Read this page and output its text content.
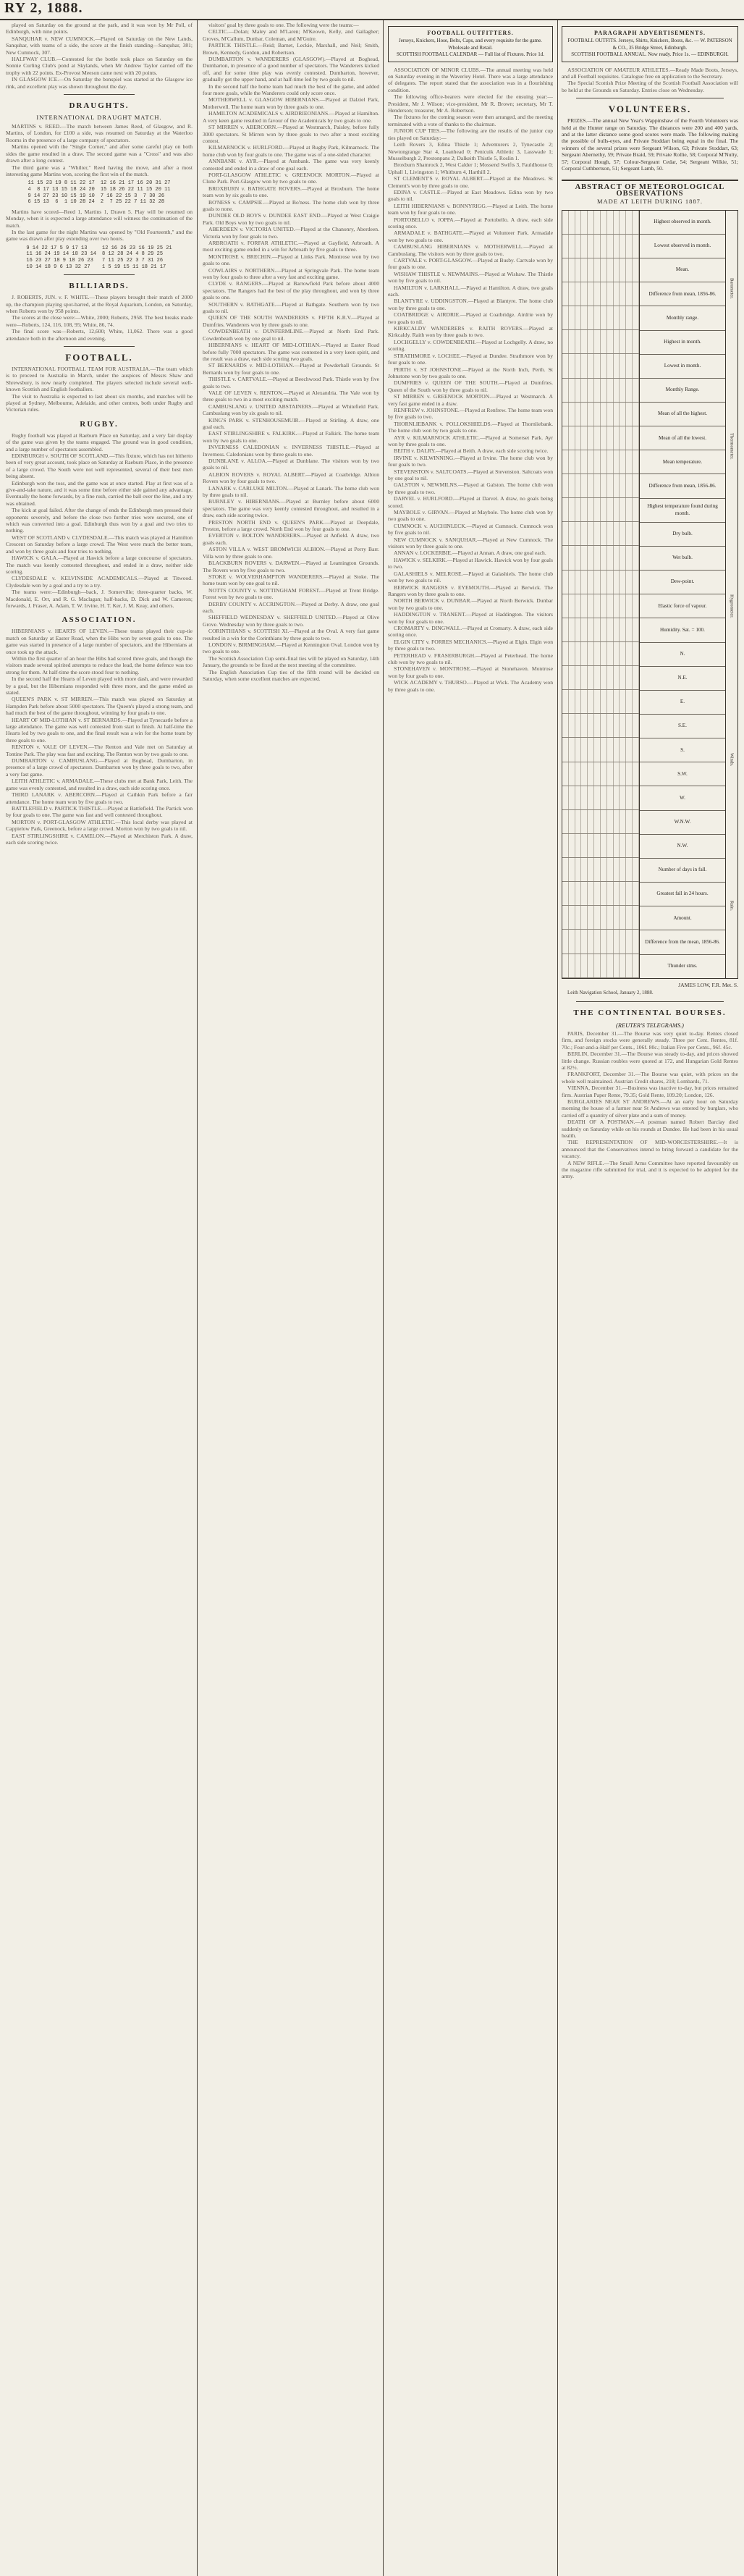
RY 2, 1888.

played on Saturday on the ground at the park, and it was won by Mr Poll, of Edinburgh, with nine points.

SANQUHAR v. NEW CUMNOCK.—Played on Saturday on the New Lands, Sanquhar, with teams of a side, the score at the finish standing—Sanquhar, 381; New Cumnock, 307.

HALFWAY CLUB.—Contested for the bottle took place on Saturday on the Sonnie Curling Club's pond at Skylands, when Mr Andrew Taylor carried off the trophy with 22 points. Ex-Provost Meeson came next with 20 points.

IN GLASGOW ICE.—On Saturday the bonspiel was started at the Glasgow ice rink, and excellent play was shown throughout the day.

DRAUGHTS.
INTERNATIONAL DRAUGHT MATCH.

MARTINS v. REED.—The match between James Reed, of Glasgow, and R. Martins, of London, for £100 a side, was resumed on Saturday at the Waterloo Rooms in the presence of a large company of spectators.

Martins opened with the "Single Corner," and after some careful play on both sides the game resulted in a draw. The second game was a "Cross" and was also drawn after a long contest.

The third game was a "Whilter," Reed having the move, and after a most interesting game Martins won, scoring the first win of the match.

11 15 23 19 8 11 22 17
4  8 17 13 15 18 24 20
9 14 27 23 10 15 19 10
6 15 13  6  1 10 28 24
12 16 21 17 16 20 31 27
15 18 26 22 11 15 20 11
7 16 22 15 3  7 30 26
2  7 25 22 7 11 32 28

Martins have scored—Reed 1, Martins 1, Drawn 5. Play will be resumed on Monday, when it is expected a large attendance will witness the continuation of the match.

In the last game for the night Martins was opened by "Old Fourteenth," and the game was drawn after play extending over two hours.

9 14 22 17 5 9 17 13
11 16 24 19 14 18 23 14
16 23 27 18 9 18 26 23
10 14 18 9 6 13 32 27
12 16 26 23 16 19 25 21
8 12 28 24 4 8 29 25
7 11 25 22 3 7 31 26
1 5 19 15 11 18 21 17
BILLIARDS.

J. ROBERTS, JUN. v. F. WHITE.—These players brought their match of 2000 up, the champion playing spot-barred, at the Royal Aquarium, London, on Saturday, when Roberts won by 958 points.

The scores at the close were:—White, 2000; Roberts, 2958. The best breaks made were—Roberts, 124, 116, 108, 95; White, 86, 74.

The final score was—Roberts, 12,600; White, 11,062. There was a good attendance both in the afternoon and evening.

FOOTBALL.

INTERNATIONAL FOOTBALL TEAM FOR AUSTRALIA.—The team which is to proceed to Australia in March, under the auspices of Messrs Shaw and Shrewsbury, is now nearly completed. The players selected include several well-known Scottish and English footballers.

The visit to Australia is expected to last about six months, and matches will be played at Sydney, Melbourne, Adelaide, and other centres, both under Rugby and Victorian rules.

RUGBY.

Rugby football was played at Raeburn Place on Saturday, and a very fair display of the game was given by the teams engaged. The ground was in good condition, and a large number of spectators assembled.

EDINBURGH v. SOUTH OF SCOTLAND.—This fixture, which has not hitherto been of very great account, took place on Saturday at Raeburn Place, in the presence of a large crowd. The South were not well represented, several of their best men being absent.

Edinburgh won the toss, and the game was at once started. Play at first was of a give-and-take nature, and it was some time before either side gained any advantage. Eventually the home forwards, by a fine rush, carried the ball over the line, and a try was obtained.

The kick at goal failed. After the change of ends the Edinburgh men pressed their opponents severely, and before the close two further tries were secured, one of which was converted into a goal. Edinburgh thus won by a goal and two tries to nothing.

WEST OF SCOTLAND v. CLYDESDALE.—This match was played at Hamilton Crescent on Saturday before a large crowd. The West were much the better team, and won by three goals and four tries to nothing.

HAWICK v. GALA.—Played at Hawick before a large concourse of spectators. The match was keenly contested throughout, and ended in a draw, neither side scoring.

CLYDESDALE v. KELVINSIDE ACADEMICALS.—Played at Titwood. Clydesdale won by a goal and a try to a try.

The teams were:—Edinburgh—back, J. Somerville; three-quarter backs, W. Macdonald, E. Orr, and R. G. Maclagan; half-backs, D. Dick and W. Cameron; forwards, J. Fraser, A. Adam, T. W. Irvine, H. T. Ker, J. M. Keay, and others.

ASSOCIATION.

HIBERNIANS v. HEARTS OF LEVEN.—These teams played their cup-tie match on Saturday at Easter Road, when the Hibs won by seven goals to one. The game was started in presence of a large number of spectators, and the Hibernians at once took up the attack.

Within the first quarter of an hour the Hibs had scored three goals, and though the visitors made several spirited attempts to reduce the lead, the home defence was too strong for them. At half-time the score stood four to nothing.

In the second half the Hearts of Leven played with more dash, and were rewarded by a goal, but the Hibernians responded with three more, and the game ended as stated.

QUEEN'S PARK v. ST MIRREN.—This match was played on Saturday at Hampden Park before about 5000 spectators. The Queen's played a strong team, and had much the best of the game throughout, winning by four goals to one.

HEART OF MID-LOTHIAN v. ST BERNARDS.—Played at Tynecastle before a large attendance. The game was well contested from start to finish. At half-time the Hearts led by two goals to one, and the final result was a win for the home team by three goals to one.

RENTON v. VALE OF LEVEN.—The Renton and Vale met on Saturday at Tontine Park. The play was fast and exciting. The Renton won by two goals to one.

DUMBARTON v. CAMBUSLANG.—Played at Boghead, Dumbarton, in presence of a large crowd of spectators. Dumbarton won by three goals to two, after a very fast game.

LEITH ATHLETIC v. ARMADALE.—These clubs met at Bank Park, Leith. The game was evenly contested, and resulted in a draw, each side scoring once.

THIRD LANARK v. ABERCORN.—Played at Cathkin Park before a fair attendance. The home team won by five goals to two.

BATTLEFIELD v. PARTICK THISTLE.—Played at Battlefield. The Partick won by four goals to one. The game was fast and well contested throughout.

MORTON v. PORT-GLASGOW ATHLETIC.—This local derby was played at Cappielow Park, Greenock, before a large crowd. Morton won by two goals to nil.

EAST STIRLINGSHIRE v. CAMELON.—Played at Merchiston Park. A draw, each side scoring twice.

visitors' goal by three goals to one. The following were the teams:—

CELTIC.—Dolan; Maley and M'Laren; M'Keown, Kelly, and Gallagher; Groves, M'Callum, Dunbar, Coleman, and M'Guire.

PARTICK THISTLE.—Reid; Barnet, Leckie, Marshall, and Neil; Smith, Brown, Kennedy, Gordon, and Robertson.

DUMBARTON v. WANDERERS (GLASGOW).—Played at Boghead, Dumbarton, in presence of a good number of spectators. The Wanderers kicked off, and for some time play was evenly contested. Dumbarton, however, gradually got the upper hand, and at half-time led by two goals to nil.

In the second half the home team had much the best of the game, and added four more goals, while the Wanderers could only score once.

MOTHERWELL v. GLASGOW HIBERNIANS.—Played at Dalziel Park, Motherwell. The home team won by three goals to one.

HAMILTON ACADEMICALS v. AIRDRIEONIANS.—Played at Hamilton. A very keen game resulted in favour of the Academicals by two goals to one.

ST MIRREN v. ABERCORN.—Played at Westmarch, Paisley, before fully 3000 spectators. St Mirren won by three goals to two after a most exciting contest.

KILMARNOCK v. HURLFORD.—Played at Rugby Park, Kilmarnock. The home club won by four goals to one. The game was of a one-sided character.

ANNBANK v. AYR.—Played at Annbank. The game was very keenly contested and ended in a draw of one goal each.

PORT-GLASGOW ATHLETIC v. GREENOCK MORTON.—Played at Clune Park. Port-Glasgow won by two goals to one.

BROXBURN v. BATHGATE ROVERS.—Played at Broxburn. The home team won by six goals to one.

BO'NESS v. CAMPSIE.—Played at Bo'ness. The home club won by three goals to none.

DUNDEE OLD BOYS v. DUNDEE EAST END.—Played at West Craigie Park. Old Boys won by two goals to nil.

ABERDEEN v. VICTORIA UNITED.—Played at the Chanonry, Aberdeen. Victoria won by four goals to two.

ARBROATH v. FORFAR ATHLETIC.—Played at Gayfield, Arbroath. A most exciting game ended in a win for Arbroath by five goals to three.

MONTROSE v. BRECHIN.—Played at Links Park. Montrose won by two goals to one.

COWLAIRS v. NORTHERN.—Played at Springvale Park. The home team won by four goals to three after a very fast and exciting game.

CLYDE v. RANGERS.—Played at Barrowfield Park before about 4000 spectators. The Rangers had the best of the play throughout, and won by three goals to one.

SOUTHERN v. BATHGATE.—Played at Bathgate. Southern won by two goals to nil.

QUEEN OF THE SOUTH WANDERERS v. FIFTH K.R.V.—Played at Dumfries. Wanderers won by three goals to one.

COWDENBEATH v. DUNFERMLINE.—Played at North End Park. Cowdenbeath won by one goal to nil.

HIBERNIANS v. HEART OF MID-LOTHIAN.—Played at Easter Road before fully 7000 spectators. The game was contested in a very keen spirit, and the result was a draw, each side scoring two goals.

ST BERNARDS v. MID-LOTHIAN.—Played at Powderhall Grounds. St Bernards won by four goals to one.

THISTLE v. CARTVALE.—Played at Beechwood Park. Thistle won by five goals to two.

VALE OF LEVEN v. RENTON.—Played at Alexandria. The Vale won by three goals to two in a most exciting match.

CAMBUSLANG v. UNITED ABSTAINERS.—Played at Whitefield Park. Cambuslang won by six goals to nil.

KING'S PARK v. STENHOUSEMUIR.—Played at Stirling. A draw, one goal each.

EAST STIRLINGSHIRE v. FALKIRK.—Played at Falkirk. The home team won by two goals to one.

INVERNESS CALEDONIAN v. INVERNESS THISTLE.—Played at Inverness. Caledonians won by three goals to one.

DUNBLANE v. ALLOA.—Played at Dunblane. The visitors won by two goals to nil.

ALBION ROVERS v. ROYAL ALBERT.—Played at Coatbridge. Albion Rovers won by four goals to two.

LANARK v. CARLUKE MILTON.—Played at Lanark. The home club won by three goals to nil.

BURNLEY v. HIBERNIANS.—Played at Burnley before about 6000 spectators. The game was very keenly contested throughout, and resulted in a draw, each side scoring twice.

PRESTON NORTH END v. QUEEN'S PARK.—Played at Deepdale, Preston, before a large crowd. North End won by four goals to one.

EVERTON v. BOLTON WANDERERS.—Played at Anfield. A draw, two goals each.

ASTON VILLA v. WEST BROMWICH ALBION.—Played at Perry Barr. Villa won by three goals to one.

BLACKBURN ROVERS v. DARWEN.—Played at Leamington Grounds. The Rovers won by five goals to two.

STOKE v. WOLVERHAMPTON WANDERERS.—Played at Stoke. The home team won by one goal to nil.

NOTTS COUNTY v. NOTTINGHAM FOREST.—Played at Trent Bridge. Forest won by two goals to one.

DERBY COUNTY v. ACCRINGTON.—Played at Derby. A draw, one goal each.

SHEFFIELD WEDNESDAY v. SHEFFIELD UNITED.—Played at Olive Grove. Wednesday won by three goals to two.

CORINTHIANS v. SCOTTISH XI.—Played at the Oval. A very fast game resulted in a win for the Corinthians by three goals to two.

LONDON v. BIRMINGHAM.—Played at Kennington Oval. London won by two goals to one.

The Scottish Association Cup semi-final ties will be played on Saturday, 14th January, the grounds to be fixed at the next meeting of the committee.

The English Association Cup ties of the fifth round will be decided on Saturday, when some excellent matches are expected.

FOOTBALL OUTFITTERS.
Jerseys, Knickers, Hose, Belts, Caps, and every requisite for the game. Wholesale and Retail.
SCOTTISH FOOTBALL CALENDAR — Full list of Fixtures. Price 1d.

ASSOCIATION OF MINOR CLUBS.—The annual meeting was held on Saturday evening in the Waverley Hotel. There was a large attendance of delegates. The report stated that the association was in a flourishing condition.

The following office-bearers were elected for the ensuing year:—President, Mr J. Wilson; vice-president, Mr R. Brown; secretary, Mr T. Henderson; treasurer, Mr A. Robertson.

The fixtures for the coming season were then arranged, and the meeting terminated with a vote of thanks to the chairman.

JUNIOR CUP TIES.—The following are the results of the junior cup ties played on Saturday:—

Leith Rovers 3, Edina Thistle 1; Adventurers 2, Tynecastle 2; Newtongrange Star 4, Loanhead 0; Penicuik Athletic 3, Lasswade 1; Musselburgh 2, Prestonpans 2; Dalkeith Thistle 5, Roslin 1.

Broxburn Shamrock 2, West Calder 1; Mossend Swifts 3, Fauldhouse 0; Uphall 1, Livingston 1; Whitburn 4, Harthill 2.

ST CLEMENT'S v. ROYAL ALBERT.—Played at the Meadows. St Clement's won by three goals to one.

EDINA v. CASTLE.—Played at East Meadows. Edina won by two goals to nil.

LEITH HIBERNIANS v. BONNYRIGG.—Played at Leith. The home team won by four goals to one.

PORTOBELLO v. JOPPA.—Played at Portobello. A draw, each side scoring once.

ARMADALE v. BATHGATE.—Played at Volunteer Park. Armadale won by two goals to one.

CAMBUSLANG HIBERNIANS v. MOTHERWELL.—Played at Cambuslang. The visitors won by three goals to two.

CARTVALE v. PORT-GLASGOW.—Played at Busby. Cartvale won by four goals to one.

WISHAW THISTLE v. NEWMAINS.—Played at Wishaw. The Thistle won by five goals to nil.

HAMILTON v. LARKHALL.—Played at Hamilton. A draw, two goals each.

BLANTYRE v. UDDINGSTON.—Played at Blantyre. The home club won by three goals to one.

COATBRIDGE v. AIRDRIE.—Played at Coatbridge. Airdrie won by two goals to nil.

KIRKCALDY WANDERERS v. RAITH ROVERS.—Played at Kirkcaldy. Raith won by three goals to two.

LOCHGELLY v. COWDENBEATH.—Played at Lochgelly. A draw, no scoring.

STRATHMORE v. LOCHEE.—Played at Dundee. Strathmore won by four goals to one.

PERTH v. ST JOHNSTONE.—Played at the North Inch, Perth. St Johnstone won by two goals to one.

DUMFRIES v. QUEEN OF THE SOUTH.—Played at Dumfries. Queen of the South won by three goals to nil.

ST MIRREN v. GREENOCK MORTON.—Played at Westmarch. A very fast game ended in a draw.

RENFREW v. JOHNSTONE.—Played at Renfrew. The home team won by five goals to two.

THORNLIEBANK v. POLLOKSHIELDS.—Played at Thornliebank. The home club won by two goals to one.

AYR v. KILMARNOCK ATHLETIC.—Played at Somerset Park. Ayr won by three goals to one.

BEITH v. DALRY.—Played at Beith. A draw, each side scoring twice.

IRVINE v. KILWINNING.—Played at Irvine. The home club won by four goals to two.

STEVENSTON v. SALTCOATS.—Played at Stevenston. Saltcoats won by one goal to nil.

GALSTON v. NEWMILNS.—Played at Galston. The home club won by three goals to two.

DARVEL v. HURLFORD.—Played at Darvel. A draw, no goals being scored.

MAYBOLE v. GIRVAN.—Played at Maybole. The home club won by two goals to one.

CUMNOCK v. AUCHINLECK.—Played at Cumnock. Cumnock won by five goals to nil.

NEW CUMNOCK v. SANQUHAR.—Played at New Cumnock. The visitors won by three goals to one.

ANNAN v. LOCKERBIE.—Played at Annan. A draw, one goal each.

HAWICK v. SELKIRK.—Played at Hawick. Hawick won by four goals to two.

GALASHIELS v. MELROSE.—Played at Galashiels. The home club won by two goals to nil.

BERWICK RANGERS v. EYEMOUTH.—Played at Berwick. The Rangers won by three goals to one.

NORTH BERWICK v. DUNBAR.—Played at North Berwick. Dunbar won by two goals to one.

HADDINGTON v. TRANENT.—Played at Haddington. The visitors won by four goals to one.

CROMARTY v. DINGWALL.—Played at Cromarty. A draw, each side scoring once.

ELGIN CITY v. FORRES MECHANICS.—Played at Elgin. Elgin won by three goals to two.

PETERHEAD v. FRASERBURGH.—Played at Peterhead. The home club won by two goals to nil.

STONEHAVEN v. MONTROSE.—Played at Stonehaven. Montrose won by four goals to one.

WICK ACADEMY v. THURSO.—Played at Wick. The Academy won by three goals to one.

PARAGRAPH ADVERTISEMENTS.
FOOTBALL OUTFITS. Jerseys, Shirts, Knickers, Boots, &c. — W. PATERSON & CO., 35 Bridge Street, Edinburgh.
SCOTTISH FOOTBALL ANNUAL. Now ready. Price 1s. — EDINBURGH.

ASSOCIATION OF AMATEUR ATHLETES.—Ready Made Boots, Jerseys, and all Football requisites. Catalogue free on application to the Secretary.

The Special Scottish Prize Meeting of the Scottish Football Association will be held at the Grounds on Saturday. Entries close on Wednesday.

VOLUNTEERS.
PRIZES.—The annual New Year's Wappinshaw of the Fourth Volunteers was held at the Hunter range on Saturday. The distances were 200 and 400 yards, and at the latter distance some good scores were made. The following making the possible of bulls-eyes, and Private Stoddart being equal in the final. The winners of the several prizes were Sergeant Wilson, 63; Private Stoddart, 63; Sergeant Abernethy, 59; Private Braid, 59; Private Rollie, 58; Corporal M'Nulty, 57; Corporal Hough, 57; Colour-Sergeant Cedar, 54; Sergeant Wilkie, 51; Corporal Cuthbertson, 51; Sergeant Lamb, 50.
ABSTRACT OF METEOROLOGICAL OBSERVATIONS
MADE AT LEITH DURING 1887.
Highest observed in month.
Lowest observed in month.
Mean.
Difference from mean, 1856-86.
Monthly range.
Highest in month.
Lowest in month.
Monthly Range.
Mean of all the highest.
Mean of all the lowest.
Mean temperature.
Difference from mean, 1856-86.
Highest temperature found during month.
Dry bulb.
Wet bulb.
Dew-point.
Elastic force of vapour.
Humidity. Sat. = 100.
N.
N.E.
E.
S.E.
S.
S.W.
W.
W.N.W.
N.W.
Number of days in fall.
Greatest fall in 24 hours.
Amount.
Difference from the mean, 1856-86.
Thunder stms.
Barometer.
Thermometer.
Hygrometer.
Winds.
Rain.
JAMES LOW, F.R. Met. S.
Leith Navigation School, January 2, 1888.
THE CONTINENTAL BOURSES.
(REUTER'S TELEGRAMS.)

PARIS, December 31.—The Bourse was very quiet to-day. Rentes closed firm, and foreign stocks were generally steady. Three per Cent. Rentes, 81f. 70c.; Four-and-a-Half per Cents., 106f. 80c.; Italian Five per Cents., 96f. 45c.

BERLIN, December 31.—The Bourse was steady to-day, and prices showed little change. Russian roubles were quoted at 172, and Hungarian Gold Rentes at 82½.

FRANKFORT, December 31.—The Bourse was quiet, with prices on the whole well maintained. Austrian Credit shares, 218; Lombards, 71.

VIENNA, December 31.—Business was inactive to-day, but prices remained firm. Austrian Paper Rente, 79.35; Gold Rente, 109.20; London, 126.

BURGLARIES NEAR ST ANDREWS.—At an early hour on Saturday morning the house of a farmer near St Andrews was entered by burglars, who carried off a quantity of silver plate and a sum of money.

DEATH OF A POSTMAN.—A postman named Robert Barclay died suddenly on Saturday while on his rounds at Dundee. He had been in his usual health.

THE REPRESENTATION OF MID-WORCESTERSHIRE.—It is announced that the Conservatives intend to bring forward a candidate for the vacancy.

A NEW RIFLE.—The Small Arms Committee have reported favourably on the magazine rifle submitted for trial, and it is expected to be adopted for the army.
